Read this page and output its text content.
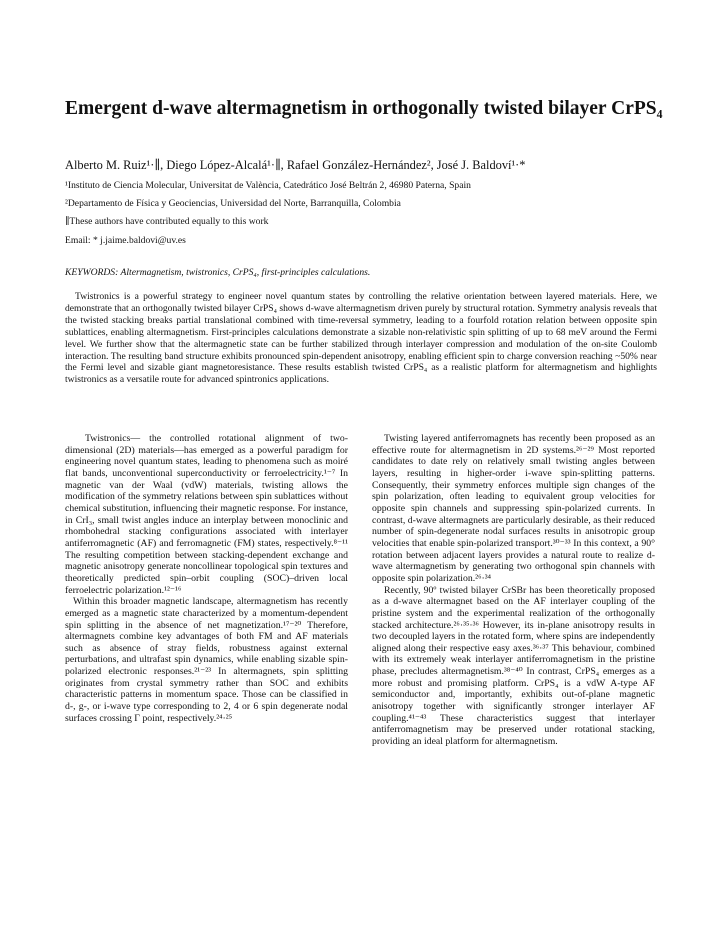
Emergent d-wave altermagnetism in orthogonally twisted bilayer CrPS₄

Alberto M. Ruiz¹·∥, Diego López-Alcalá¹·∥, Rafael González-Hernández², José J. Baldoví¹·*

¹Instituto de Ciencia Molecular, Universitat de València, Catedrático José Beltrán 2, 46980 Paterna, Spain

²Departamento de Física y Geociencias, Universidad del Norte, Barranquilla, Colombia

∥These authors have contributed equally to this work

Email: * j.jaime.baldovi@uv.es

KEYWORDS: Altermagnetism, twistronics, CrPS₄, first-principles calculations.

Twistronics is a powerful strategy to engineer novel quantum states by controlling the relative orientation between layered materials. Here, we demonstrate that an orthogonally twisted bilayer CrPS₄ shows d-wave altermagnetism driven purely by structural rotation. Symmetry analysis reveals that the twisted stacking breaks partial translational combined with time-reversal symmetry, leading to a fourfold rotation relation between opposite spin sublattices, enabling altermagnetism. First-principles calculations demonstrate a sizable non-relativistic spin splitting of up to 68 meV around the Fermi level. We further show that the altermagnetic state can be further stabilized through interlayer compression and modulation of the on-site Coulomb interaction. The resulting band structure exhibits pronounced spin-dependent anisotropy, enabling efficient spin to charge conversion reaching ~50% near the Fermi level and sizable giant magnetoresistance. These results establish twisted CrPS₄ as a realistic platform for altermagnetism and highlights twistronics as a versatile route for advanced spintronics applications.

Twistronics— the controlled rotational alignment of two-dimensional (2D) materials—has emerged as a powerful paradigm for engineering novel quantum states, leading to phenomena such as moiré flat bands, unconventional superconductivity or ferroelectricity.¹⁻⁷ In magnetic van der Waal (vdW) materials, twisting allows the modification of the symmetry relations between spin sublattices without chemical substitution, influencing their magnetic response. For instance, in CrI₃, small twist angles induce an interplay between monoclinic and rhombohedral stacking configurations associated with interlayer antiferromagnetic (AF) and ferromagnetic (FM) states, respectively.⁸⁻¹¹ The resulting competition between stacking-dependent exchange and magnetic anisotropy generate noncollinear topological spin textures and theoretically predicted spin–orbit coupling (SOC)–driven local ferroelectric polarization.¹²⁻¹⁶

Within this broader magnetic landscape, altermagnetism has recently emerged as a magnetic state characterized by a momentum-dependent spin splitting in the absence of net magnetization.¹⁷⁻²⁰ Therefore, altermagnets combine key advantages of both FM and AF materials such as absence of stray fields, robustness against external perturbations, and ultrafast spin dynamics, while enabling sizable spin-polarized electronic responses.²¹⁻²³ In altermagnets, spin splitting originates from crystal symmetry rather than SOC and exhibits characteristic patterns in momentum space. Those can be classified in d-, g-, or i-wave type corresponding to 2, 4 or 6 spin degenerate nodal surfaces crossing Γ point, respectively.²⁴·²⁵

Twisting layered antiferromagnets has recently been proposed as an effective route for altermagnetism in 2D systems.²⁶⁻²⁹ Most reported candidates to date rely on relatively small twisting angles between layers, resulting in higher-order i-wave spin-splitting patterns. Consequently, their symmetry enforces multiple sign changes of the spin polarization, often leading to equivalent group velocities for opposite spin channels and suppressing spin-polarized currents. In contrast, d-wave altermagnets are particularly desirable, as their reduced number of spin-degenerate nodal surfaces results in anisotropic group velocities that enable spin-polarized transport.³⁰⁻³³ In this context, a 90° rotation between adjacent layers provides a natural route to realize d-wave altermagnetism by generating two orthogonal spin channels with opposite spin polarization.²⁶·³⁴

Recently, 90º twisted bilayer CrSBr has been theoretically proposed as a d-wave altermagnet based on the AF interlayer coupling of the pristine system and the experimental realization of the orthogonally stacked architecture.²⁶·³⁵·³⁶ However, its in-plane anisotropy results in two decoupled layers in the rotated form, where spins are independently aligned along their respective easy axes.³⁶·³⁷ This behaviour, combined with its extremely weak interlayer antiferromagnetism in the pristine phase, precludes altermagnetism.³⁸⁻⁴⁰ In contrast, CrPS₄ emerges as a more robust and promising platform. CrPS₄ is a vdW A-type AF semiconductor and, importantly, exhibits out-of-plane magnetic anisotropy together with significantly stronger interlayer AF coupling.⁴¹⁻⁴³ These characteristics suggest that interlayer antiferromagnetism may be preserved under rotational stacking, providing an ideal platform for altermagnetism.
